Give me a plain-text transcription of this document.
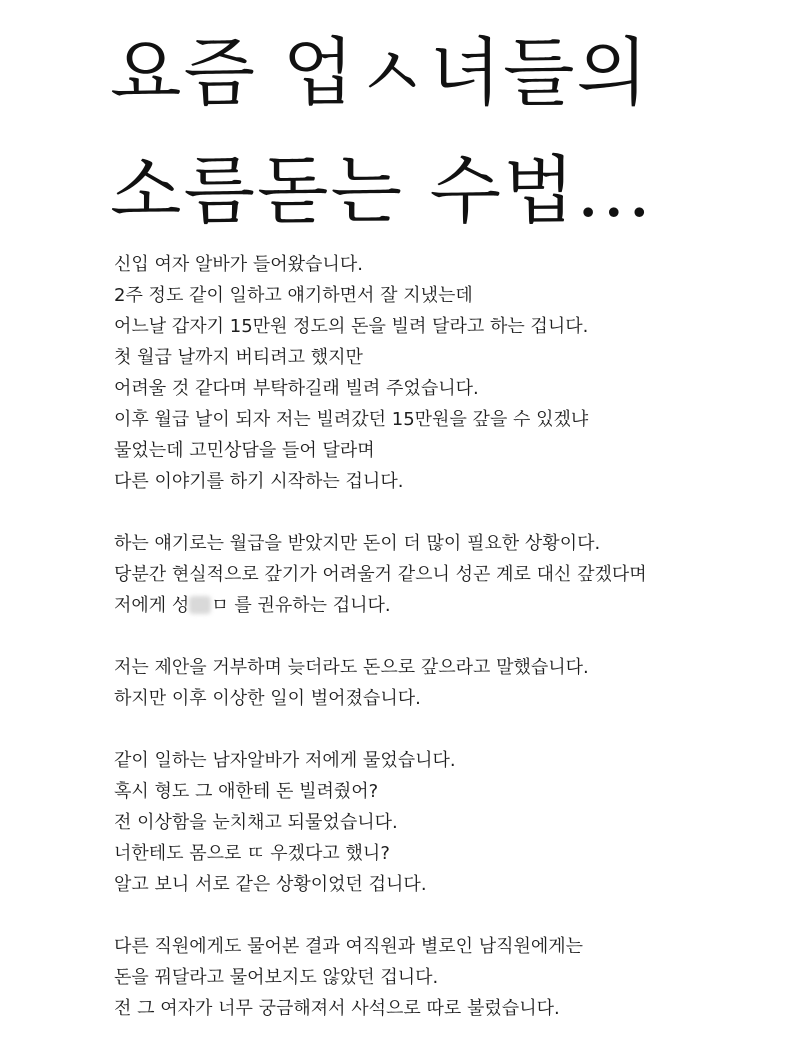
요즘 업ㅅ녀들의
소름돋는 수법...
신입 여자 알바가 들어왔습니다.
2주 정도 같이 일하고 얘기하면서 잘 지냈는데
어느날 갑자기 15만원 정도의 돈을 빌려 달라고 하는 겁니다.
첫 월급 날까지 버티려고 했지만
어려울 것 같다며 부탁하길래 빌려 주었습니다.
이후 월급 날이 되자 저는 빌려갔던 15만원을 갚을 수 있겠냐
물었는데 고민상담을 들어 달라며
다른 이야기를 하기 시작하는 겁니다.
하는 얘기로는 월급을 받았지만 돈이 더 많이 필요한 상황이다.
당분간 현실적으로 갚기가 어려울거 같으니 성곤 계로 대신 갚겠다며
저에게 성 ㅁ 를 권유하는 겁니다.
저는 제안을 거부하며 늦더라도 돈으로 갚으라고 말했습니다.
하지만 이후 이상한 일이 벌어졌습니다.
같이 일하는 남자알바가 저에게 물었습니다.
혹시 형도 그 애한테 돈 빌려줬어?
전 이상함을 눈치채고 되물었습니다.
너한테도 몸으로 ㄸ 우겠다고 했니?
알고 보니 서로 같은 상황이었던 겁니다.
다른 직원에게도 물어본 결과 여직원과 별로인 남직원에게는
돈을 꿔달라고 물어보지도 않았던 겁니다.
전 그 여자가 너무 궁금해져서 사석으로 따로 불렀습니다.
